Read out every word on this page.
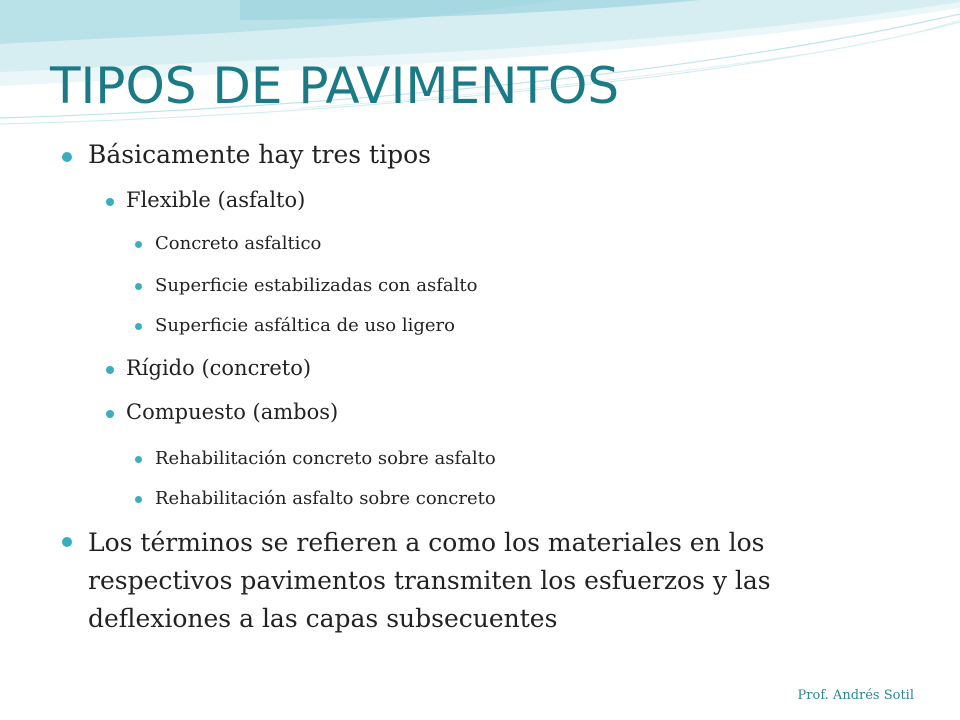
TIPOS DE PAVIMENTOS
Básicamente hay tres tipos
Flexible (asfalto)
Concreto asfaltico
Superficie estabilizadas con asfalto
Superficie asfáltica de uso ligero
Rígido (concreto)
Compuesto (ambos)
Rehabilitación concreto sobre asfalto
Rehabilitación asfalto sobre concreto

Los términos se refieren a como los materiales en los respectivos pavimentos transmiten los esfuerzos y las deflexiones a las capas subsecuentes

Prof. Andrés Sotil
